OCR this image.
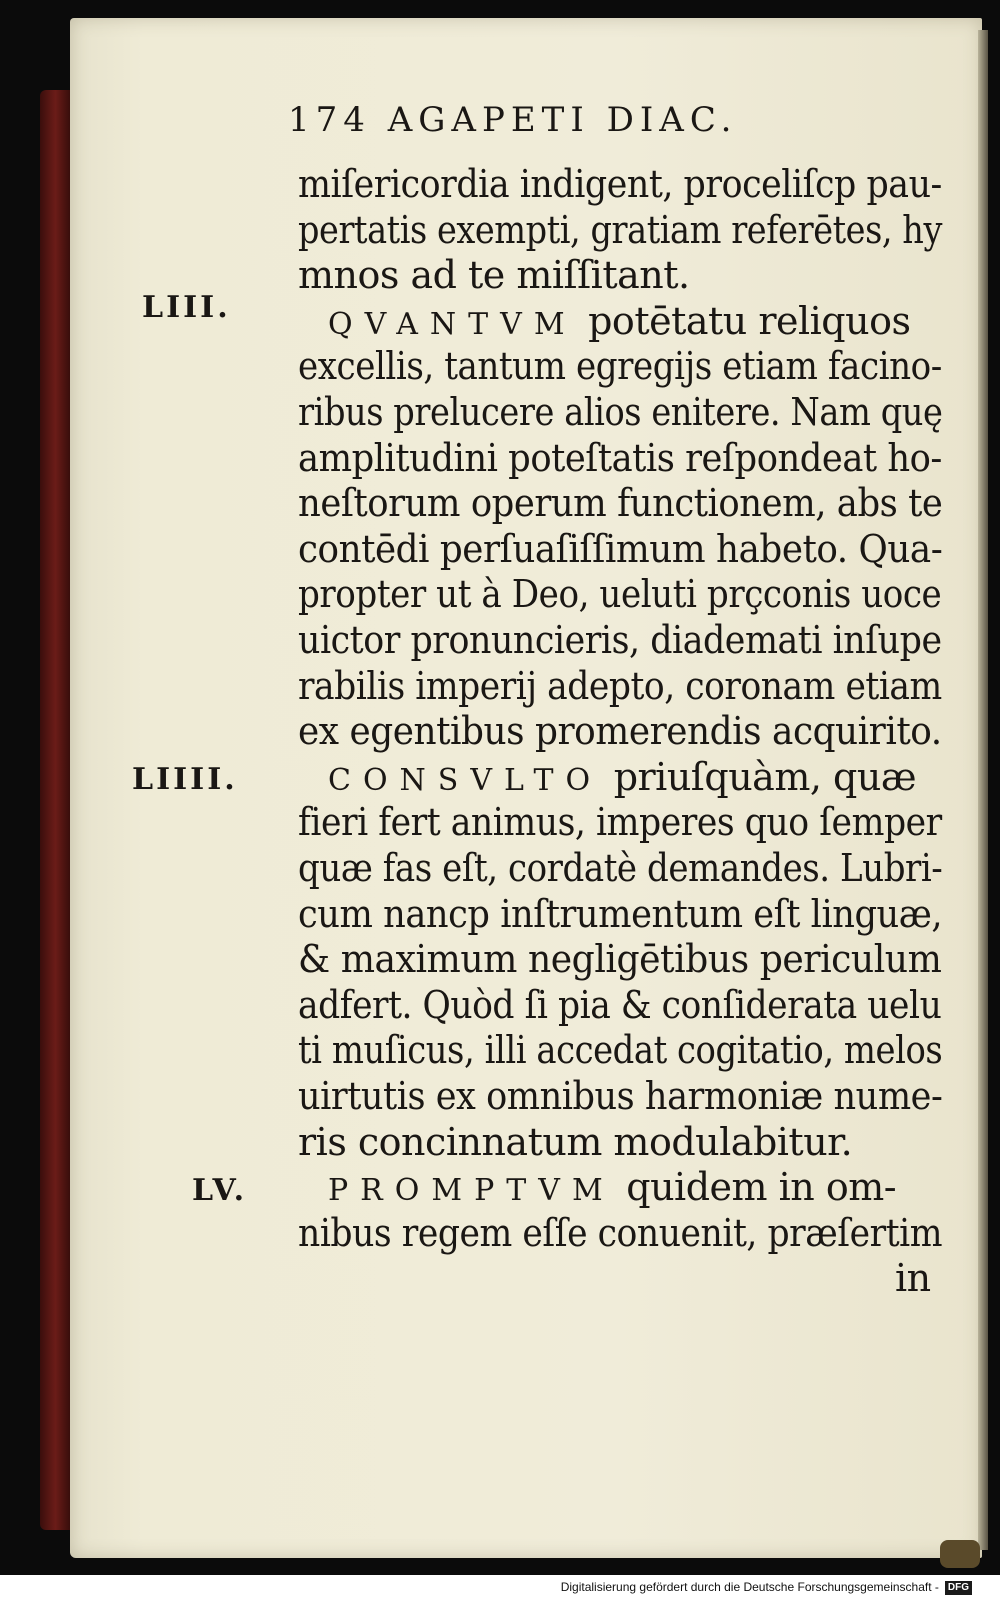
174 AGAPETI DIAC.
LIII.
LIIII.
LV.
miſericordia indigent, proceliſcp pau-
pertatis exempti, gratiam referētes, hy
mnos ad te miſſitant.
QVANTVM potētatu reliquos
excellis, tantum egregijs etiam facino-
ribus prelucere alios enitere. Nam quę
amplitudini poteſtatis reſpondeat ho-
neſtorum operum functionem, abs te
contēdi perſuaſiſſimum habeto. Qua-
propter ut à Deo, ueluti prçconis uoce
uictor pronuncieris, diademati inſupe
rabilis imperij adepto, coronam etiam
ex egentibus promerendis acquirito.
CONSVLTO priuſquàm, quæ
fieri fert animus, imperes quo ſemper
quæ fas eſt, cordatè demandes. Lubri-
cum nancp inſtrumentum eſt linguæ,
& maximum negligētibus periculum
adfert. Quòd ſi pia & conſiderata uelu
ti muſicus, illi accedat cogitatio, melos
uirtutis ex omnibus harmoniæ nume-
ris concinnatum modulabitur.
PROMPTVM quidem in om-
nibus regem eſſe conuenit, præſertim
in
Digitalisierung gefördert durch die Deutsche Forschungsgemeinschaft - DFG
